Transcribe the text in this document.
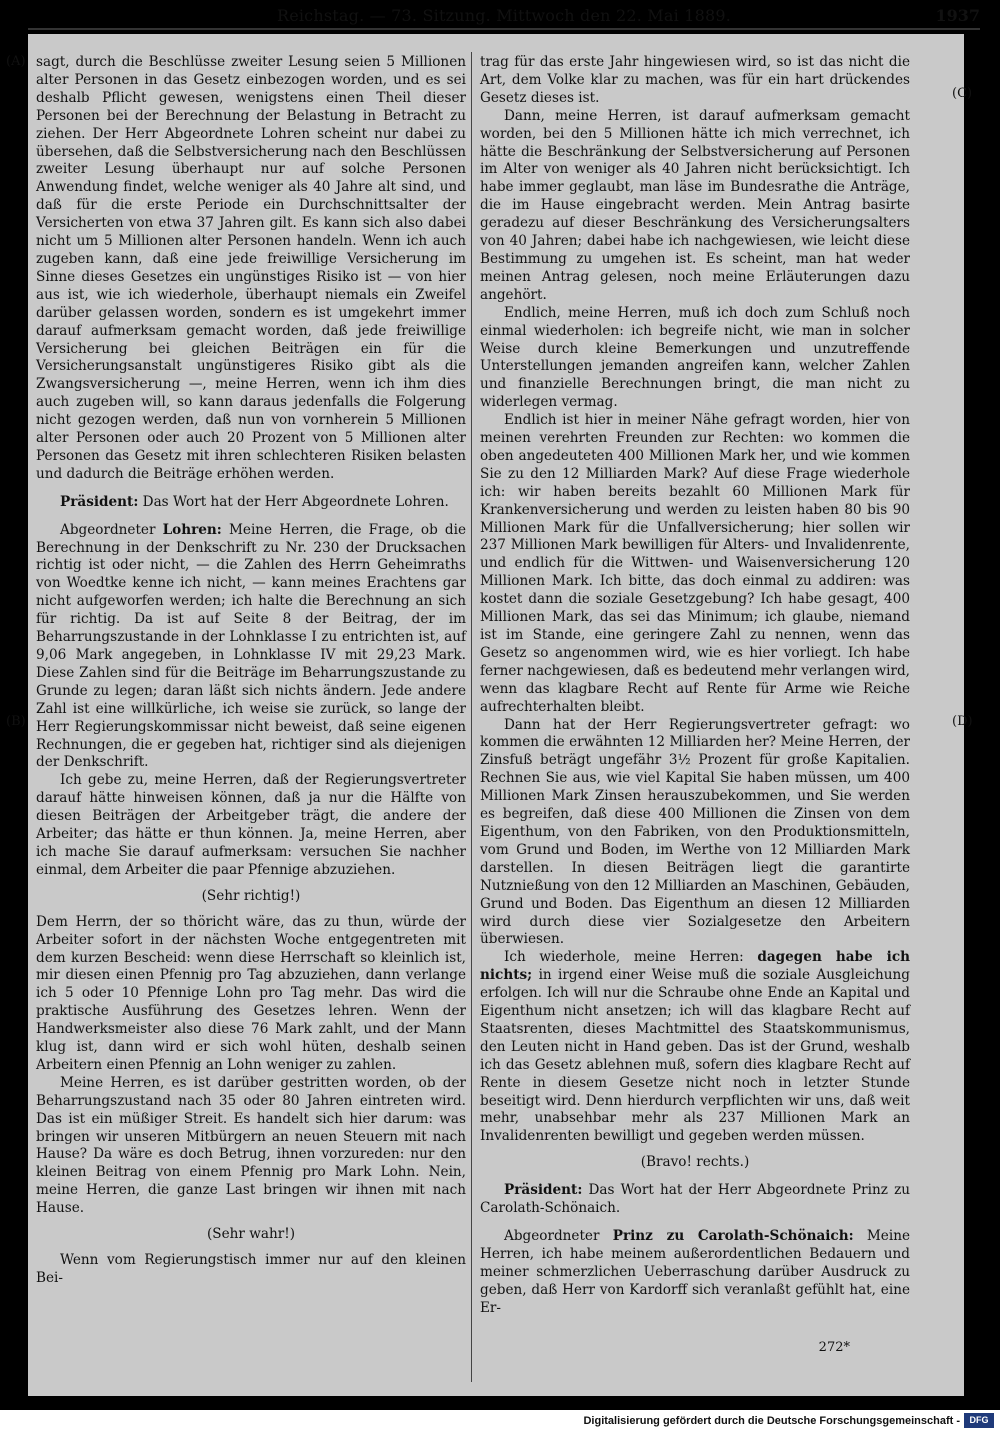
Reichstag. — 73. Sitzung. Mittwoch den 22. Mai 1889.	1937
(A)
(B)
(C)
(D)

sagt, durch die Beschlüsse zweiter Lesung seien 5 Millionen alter Personen in das Gesetz einbezogen worden, und es sei deshalb Pflicht gewesen, wenigstens einen Theil dieser Personen bei der Berechnung der Belastung in Betracht zu ziehen. Der Herr Abgeordnete Lohren scheint nur dabei zu übersehen, daß die Selbstversicherung nach den Beschlüssen zweiter Lesung überhaupt nur auf solche Personen Anwendung findet, welche weniger als 40 Jahre alt sind, und daß für die erste Periode ein Durchschnittsalter der Versicherten von etwa 37 Jahren gilt. Es kann sich also dabei nicht um 5 Millionen alter Personen handeln. Wenn ich auch zugeben kann, daß eine jede freiwillige Versicherung im Sinne dieses Gesetzes ein ungünstiges Risiko ist — von hier aus ist, wie ich wiederhole, überhaupt niemals ein Zweifel darüber gelassen worden, sondern es ist umgekehrt immer darauf aufmerksam gemacht worden, daß jede freiwillige Versicherung bei gleichen Beiträgen ein für die Versicherungsanstalt ungünstigeres Risiko gibt als die Zwangsversicherung —, meine Herren, wenn ich ihm dies auch zugeben will, so kann daraus jedenfalls die Folgerung nicht gezogen werden, daß nun von vornherein 5 Millionen alter Personen oder auch 20 Prozent von 5 Millionen alter Personen das Gesetz mit ihren schlechteren Risiken belasten und dadurch die Beiträge erhöhen werden.

Präsident: Das Wort hat der Herr Abgeordnete Lohren.

Abgeordneter Lohren: Meine Herren, die Frage, ob die Berechnung in der Denkschrift zu Nr. 230 der Drucksachen richtig ist oder nicht, — die Zahlen des Herrn Geheimraths von Woedtke kenne ich nicht, — kann meines Erachtens gar nicht aufgeworfen werden; ich halte die Berechnung an sich für richtig. Da ist auf Seite 8 der Beitrag, der im Beharrungszustande in der Lohnklasse I zu entrichten ist, auf 9,06 Mark angegeben, in Lohnklasse IV mit 29,23 Mark. Diese Zahlen sind für die Beiträge im Beharrungszustande zu Grunde zu legen; daran läßt sich nichts ändern. Jede andere Zahl ist eine willkürliche, ich weise sie zurück, so lange der Herr Regierungskommissar nicht beweist, daß seine eigenen Rechnungen, die er gegeben hat, richtiger sind als diejenigen der Denkschrift.

Ich gebe zu, meine Herren, daß der Regierungsvertreter darauf hätte hinweisen können, daß ja nur die Hälfte von diesen Beiträgen der Arbeitgeber trägt, die andere der Arbeiter; das hätte er thun können. Ja, meine Herren, aber ich mache Sie darauf aufmerksam: versuchen Sie nachher einmal, dem Arbeiter die paar Pfennige abzuziehen.

(Sehr richtig!)

Dem Herrn, der so thöricht wäre, das zu thun, würde der Arbeiter sofort in der nächsten Woche entgegentreten mit dem kurzen Bescheid: wenn diese Herrschaft so kleinlich ist, mir diesen einen Pfennig pro Tag abzuziehen, dann verlange ich 5 oder 10 Pfennige Lohn pro Tag mehr. Das wird die praktische Ausführung des Gesetzes lehren. Wenn der Handwerksmeister also diese 76 Mark zahlt, und der Mann klug ist, dann wird er sich wohl hüten, deshalb seinen Arbeitern einen Pfennig an Lohn weniger zu zahlen.

Meine Herren, es ist darüber gestritten worden, ob der Beharrungszustand nach 35 oder 80 Jahren eintreten wird. Das ist ein müßiger Streit. Es handelt sich hier darum: was bringen wir unseren Mitbürgern an neuen Steuern mit nach Hause? Da wäre es doch Betrug, ihnen vorzureden: nur den kleinen Beitrag von einem Pfennig pro Mark Lohn. Nein, meine Herren, die ganze Last bringen wir ihnen mit nach Hause.

(Sehr wahr!)

Wenn vom Regierungstisch immer nur auf den kleinen Bei-

trag für das erste Jahr hingewiesen wird, so ist das nicht die Art, dem Volke klar zu machen, was für ein hart drückendes Gesetz dieses ist.

Dann, meine Herren, ist darauf aufmerksam gemacht worden, bei den 5 Millionen hätte ich mich verrechnet, ich hätte die Beschränkung der Selbstversicherung auf Personen im Alter von weniger als 40 Jahren nicht berücksichtigt. Ich habe immer geglaubt, man läse im Bundesrathe die Anträge, die im Hause eingebracht werden. Mein Antrag basirte geradezu auf dieser Beschränkung des Versicherungsalters von 40 Jahren; dabei habe ich nachgewiesen, wie leicht diese Bestimmung zu umgehen ist. Es scheint, man hat weder meinen Antrag gelesen, noch meine Erläuterungen dazu angehört.

Endlich, meine Herren, muß ich doch zum Schluß noch einmal wiederholen: ich begreife nicht, wie man in solcher Weise durch kleine Bemerkungen und unzutreffende Unterstellungen jemanden angreifen kann, welcher Zahlen und finanzielle Berechnungen bringt, die man nicht zu widerlegen vermag.

Endlich ist hier in meiner Nähe gefragt worden, hier von meinen verehrten Freunden zur Rechten: wo kommen die oben angedeuteten 400 Millionen Mark her, und wie kommen Sie zu den 12 Milliarden Mark? Auf diese Frage wiederhole ich: wir haben bereits bezahlt 60 Millionen Mark für Krankenversicherung und werden zu leisten haben 80 bis 90 Millionen Mark für die Unfallversicherung; hier sollen wir 237 Millionen Mark bewilligen für Alters- und Invalidenrente, und endlich für die Wittwen- und Waisenversicherung 120 Millionen Mark. Ich bitte, das doch einmal zu addiren: was kostet dann die soziale Gesetzgebung? Ich habe gesagt, 400 Millionen Mark, das sei das Minimum; ich glaube, niemand ist im Stande, eine geringere Zahl zu nennen, wenn das Gesetz so angenommen wird, wie es hier vorliegt. Ich habe ferner nachgewiesen, daß es bedeutend mehr verlangen wird, wenn das klagbare Recht auf Rente für Arme wie Reiche aufrechterhalten bleibt.

Dann hat der Herr Regierungsvertreter gefragt: wo kommen die erwähnten 12 Milliarden her? Meine Herren, der Zinsfuß beträgt ungefähr 3½ Prozent für große Kapitalien. Rechnen Sie aus, wie viel Kapital Sie haben müssen, um 400 Millionen Mark Zinsen herauszubekommen, und Sie werden es begreifen, daß diese 400 Millionen die Zinsen von dem Eigenthum, von den Fabriken, von den Produktionsmitteln, vom Grund und Boden, im Werthe von 12 Milliarden Mark darstellen. In diesen Beiträgen liegt die garantirte Nutznießung von den 12 Milliarden an Maschinen, Gebäuden, Grund und Boden. Das Eigenthum an diesen 12 Milliarden wird durch diese vier Sozialgesetze den Arbeitern überwiesen.

Ich wiederhole, meine Herren: dagegen habe ich nichts; in irgend einer Weise muß die soziale Ausgleichung erfolgen. Ich will nur die Schraube ohne Ende an Kapital und Eigenthum nicht ansetzen; ich will das klagbare Recht auf Staatsrenten, dieses Machtmittel des Staatskommunismus, den Leuten nicht in Hand geben. Das ist der Grund, weshalb ich das Gesetz ablehnen muß, sofern dies klagbare Recht auf Rente in diesem Gesetze nicht noch in letzter Stunde beseitigt wird. Denn hierdurch verpflichten wir uns, daß weit mehr, unabsehbar mehr als 237 Millionen Mark an Invalidenrenten bewilligt und gegeben werden müssen.

(Bravo! rechts.)

Präsident: Das Wort hat der Herr Abgeordnete Prinz zu Carolath-Schönaich.

Abgeordneter Prinz zu Carolath-Schönaich: Meine Herren, ich habe meinem außerordentlichen Bedauern und meiner schmerzlichen Ueberraschung darüber Ausdruck zu geben, daß Herr von Kardorff sich veranlaßt gefühlt hat, eine Er-

272*
Digitalisierung gefördert durch die Deutsche Forschungsgemeinschaft -	DFG
